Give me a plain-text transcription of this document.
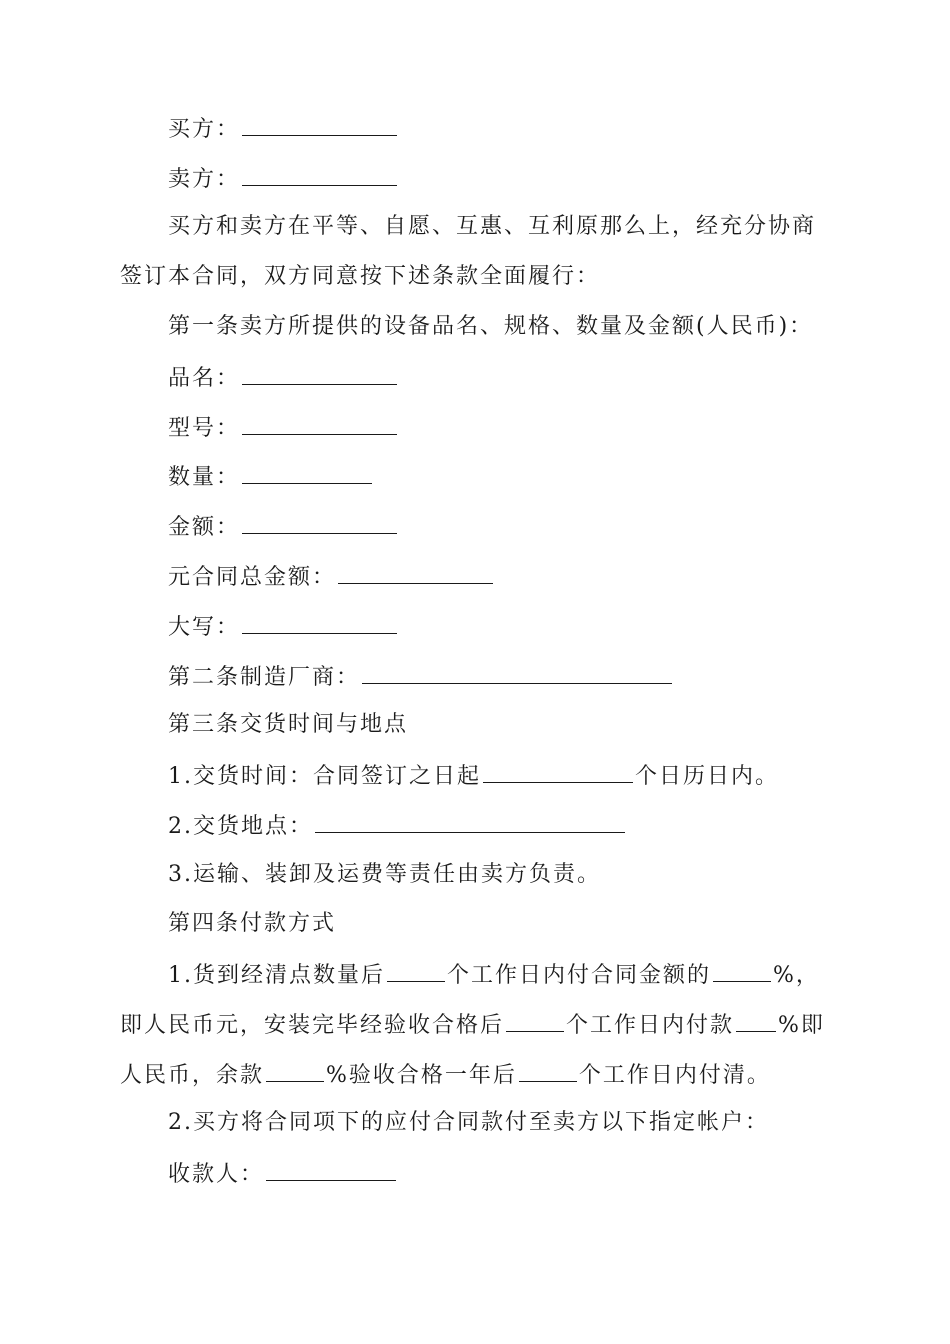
买方：
卖方：
买方和卖方在平等、自愿、互惠、互利原那么上，经充分协商
签订本合同，双方同意按下述条款全面履行：
第一条卖方所提供的设备品名、规格、数量及金额(人民币)：
品名：
型号：
数量：
金额：
元合同总金额：
大写：
第二条制造厂商：
第三条交货时间与地点
1.交货时间：合同签订之日起	个日历日内。
2.交货地点：
3.运输、装卸及运费等责任由卖方负责。
第四条付款方式
1.货到经清点数量后	个工作日内付合同金额的	%，
即人民币元，安装完毕经验收合格后	个工作日内付款 %即
人民币，余款	%验收合格一年后	个工作日内付清。
2.买方将合同项下的应付合同款付至卖方以下指定帐户：
收款人：
